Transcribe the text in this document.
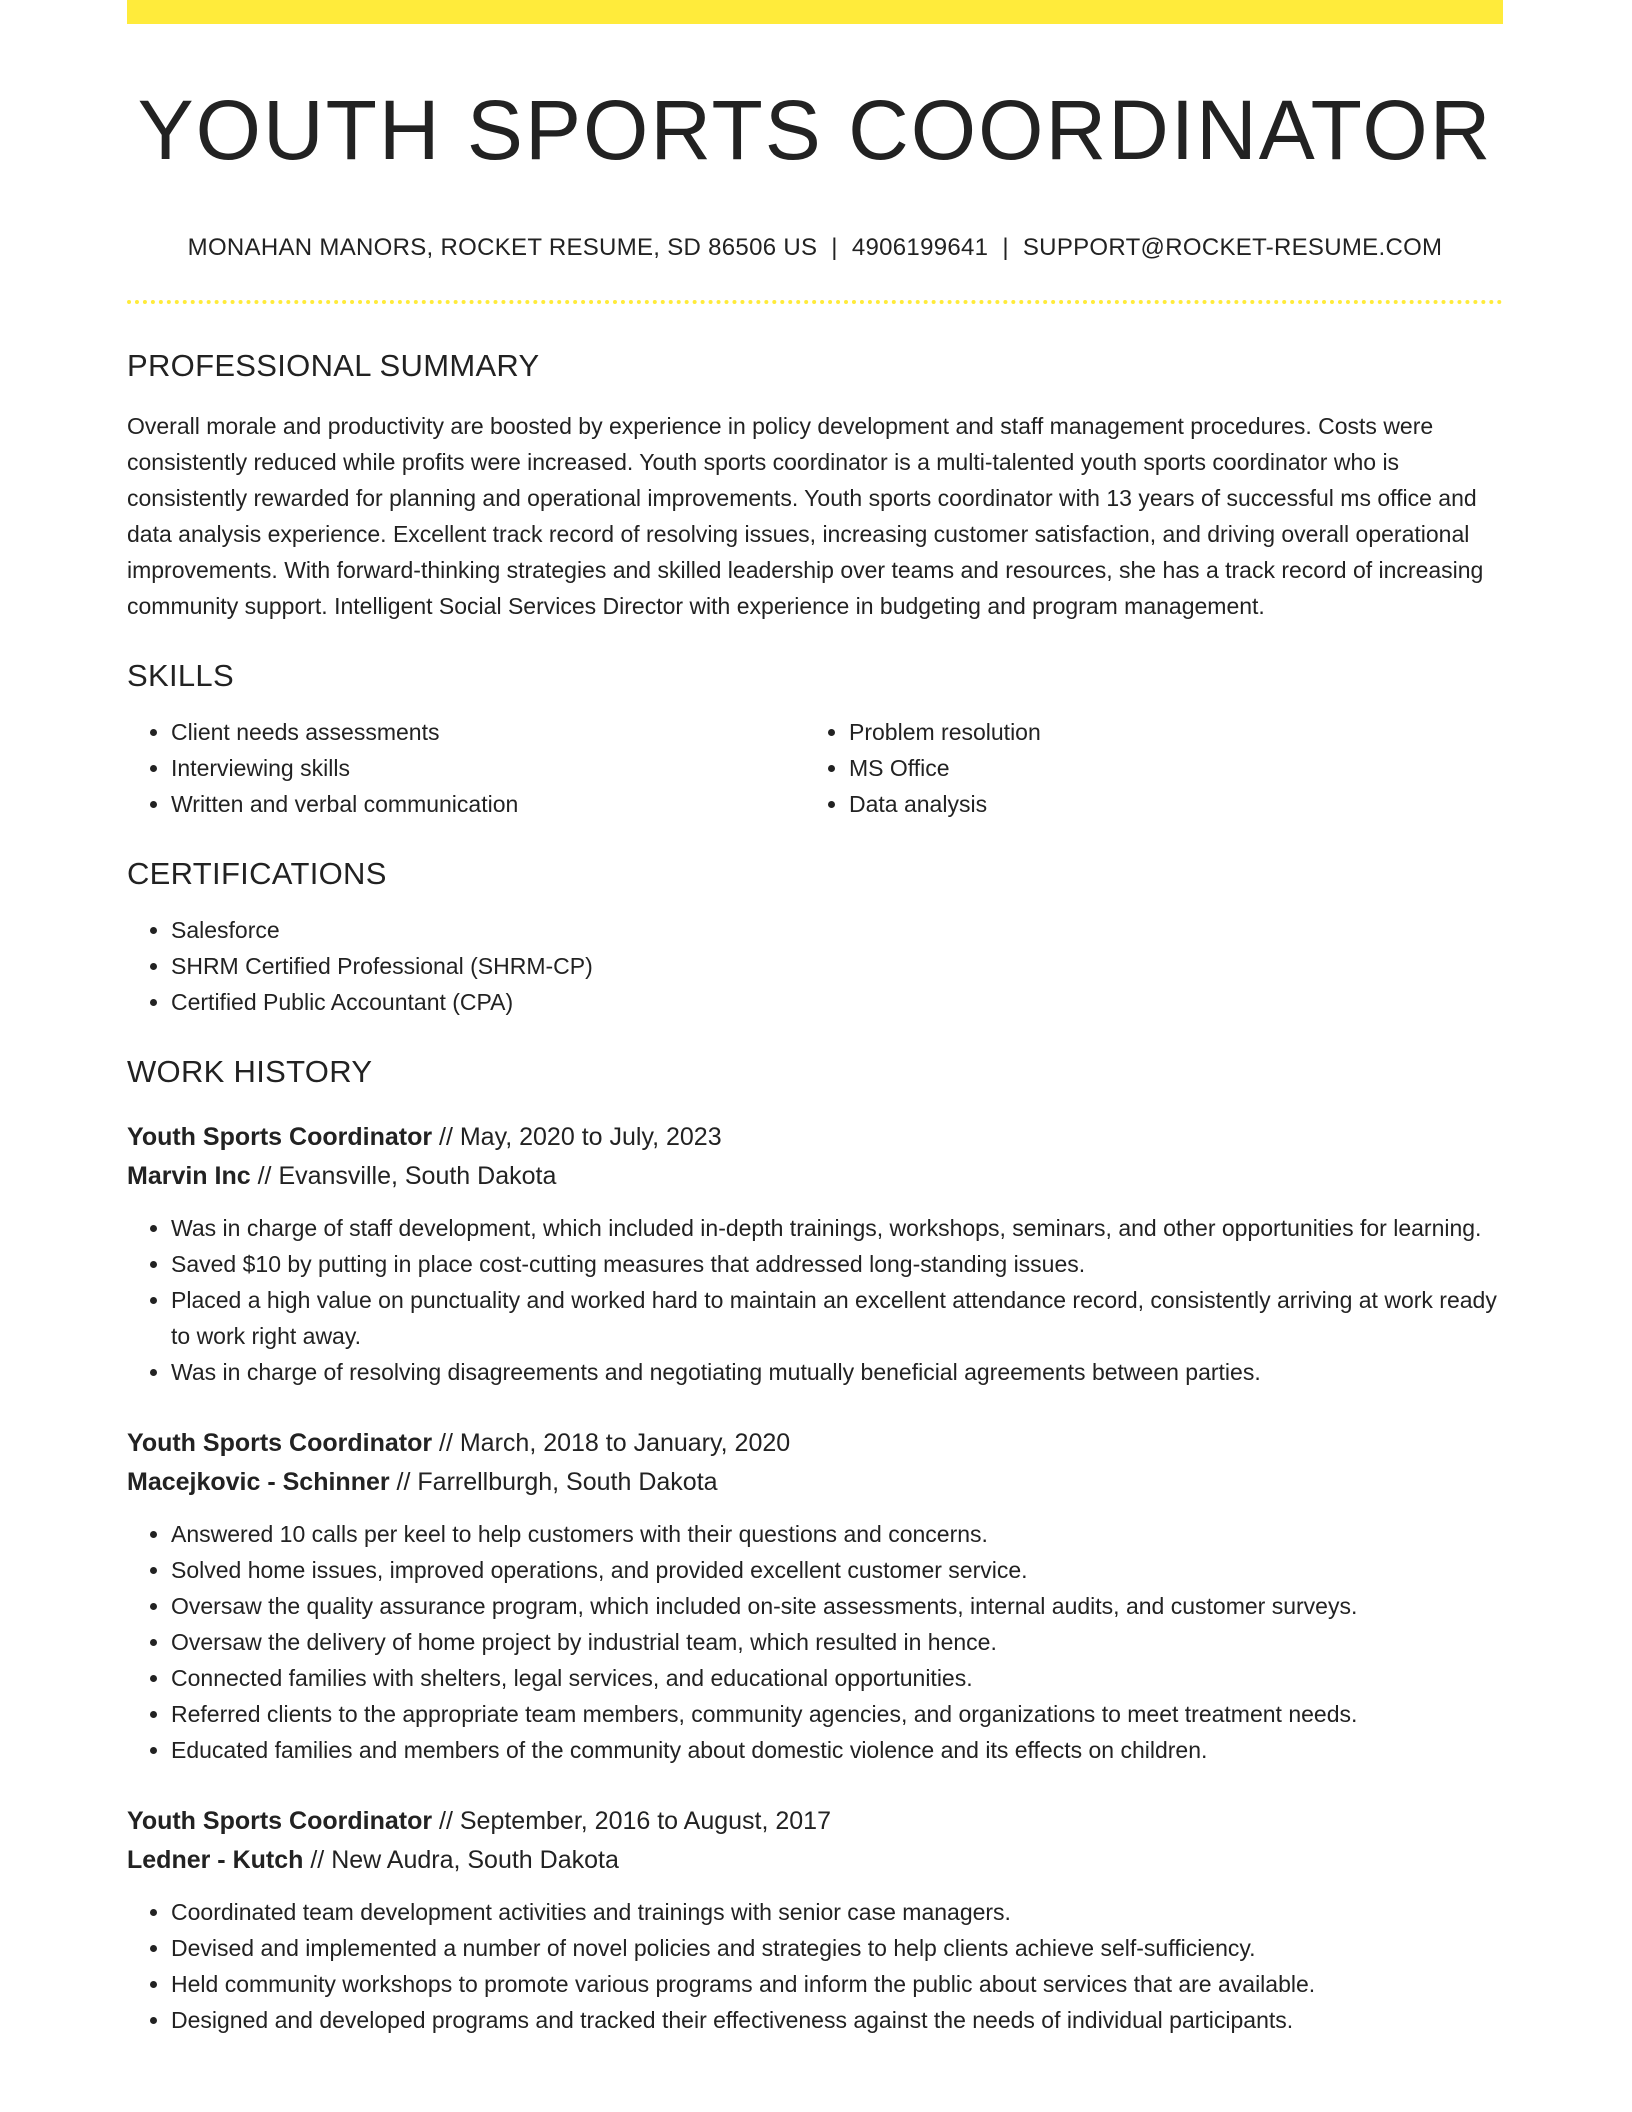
YOUTH SPORTS COORDINATOR
MONAHAN MANORS, ROCKET RESUME, SD 86506 US | 4906199641 | SUPPORT@ROCKET-RESUME.COM
PROFESSIONAL SUMMARY

Overall morale and productivity are boosted by experience in policy development and staff management procedures. Costs were consistently reduced while profits were increased. Youth sports coordinator is a multi-talented youth sports coordinator who is consistently rewarded for planning and operational improvements. Youth sports coordinator with 13 years of successful ms office and data analysis experience. Excellent track record of resolving issues, increasing customer satisfaction, and driving overall operational improvements. With forward-thinking strategies and skilled leadership over teams and resources, she has a track record of increasing community support. Intelligent Social Services Director with experience in budgeting and program management.

SKILLS
• Client needs assessments
• Interviewing skills
• Written and verbal communication
• Problem resolution
• MS Office
• Data analysis
CERTIFICATIONS
• Salesforce
• SHRM Certified Professional (SHRM-CP)
• Certified Public Accountant (CPA)
WORK HISTORY
Youth Sports Coordinator // May, 2020 to July, 2023
Marvin Inc // Evansville, South Dakota
• Was in charge of staff development, which included in-depth trainings, workshops, seminars, and other opportunities for learning.
• Saved $10 by putting in place cost-cutting measures that addressed long-standing issues.
• Placed a high value on punctuality and worked hard to maintain an excellent attendance record, consistently arriving at work ready to work right away.
• Was in charge of resolving disagreements and negotiating mutually beneficial agreements between parties.
Youth Sports Coordinator // March, 2018 to January, 2020
Macejkovic - Schinner // Farrellburgh, South Dakota
• Answered 10 calls per keel to help customers with their questions and concerns.
• Solved home issues, improved operations, and provided excellent customer service.
• Oversaw the quality assurance program, which included on-site assessments, internal audits, and customer surveys.
• Oversaw the delivery of home project by industrial team, which resulted in hence.
• Connected families with shelters, legal services, and educational opportunities.
• Referred clients to the appropriate team members, community agencies, and organizations to meet treatment needs.
• Educated families and members of the community about domestic violence and its effects on children.
Youth Sports Coordinator // September, 2016 to August, 2017
Ledner - Kutch // New Audra, South Dakota
• Coordinated team development activities and trainings with senior case managers.
• Devised and implemented a number of novel policies and strategies to help clients achieve self-sufficiency.
• Held community workshops to promote various programs and inform the public about services that are available.
• Designed and developed programs and tracked their effectiveness against the needs of individual participants.
